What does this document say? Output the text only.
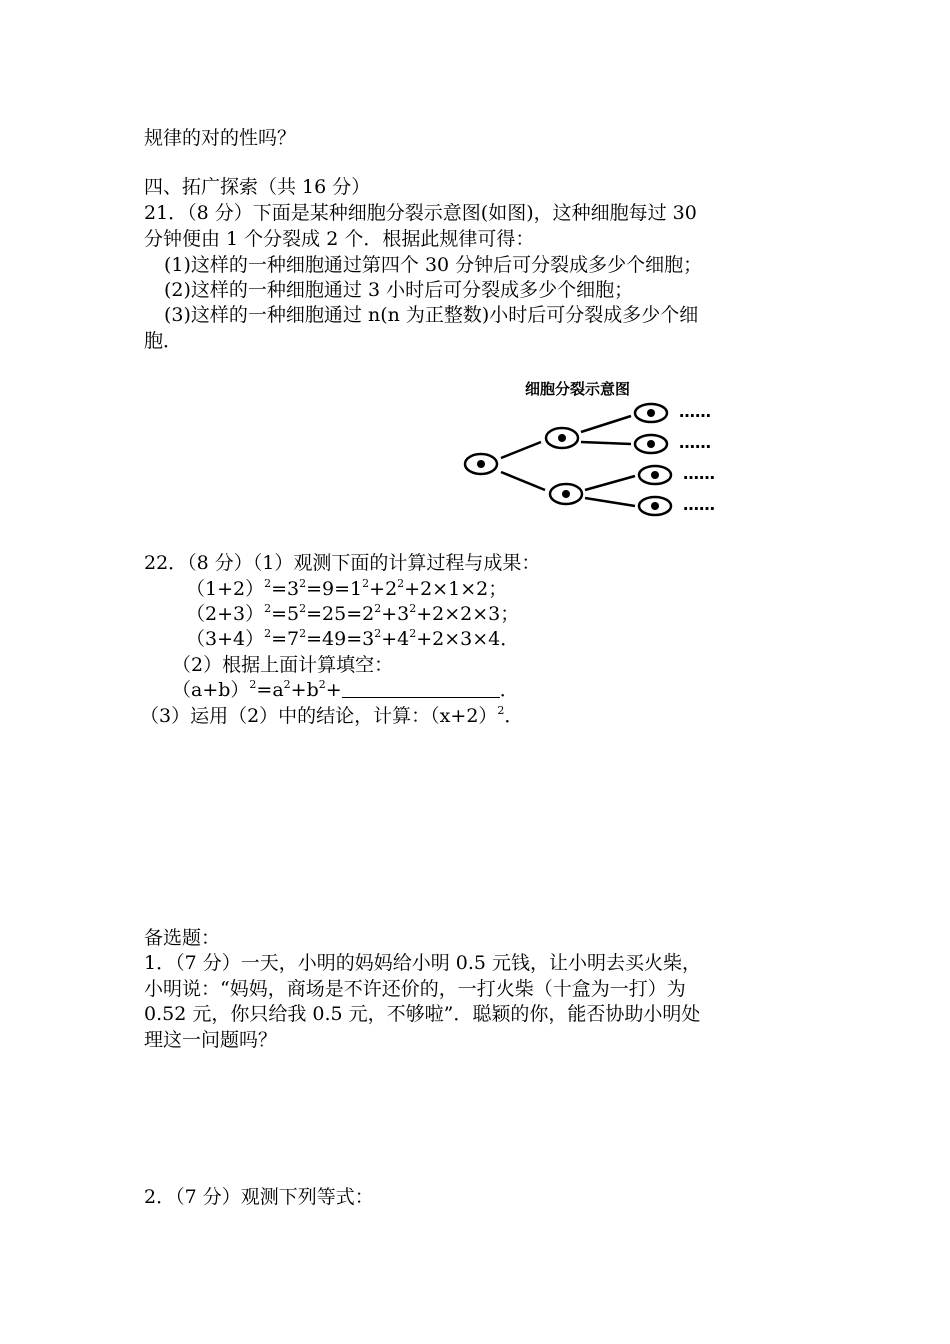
规律的对的性吗？
四、拓广探索（共 16 分）
21．（8 分）下面是某种细胞分裂示意图(如图)，这种细胞每过 30
分钟便由 1 个分裂成 2 个．根据此规律可得：
(1)这样的一种细胞通过第四个 30 分钟后可分裂成多少个细胞；
(2)这样的一种细胞通过 3 小时后可分裂成多少个细胞；
(3)这样的一种细胞通过 n(n 为正整数)小时后可分裂成多少个细
胞．
细胞分裂示意图
……
……
……
……
22．（8 分）（1）观测下面的计算过程与成果：
$(1+2)^2=3^2=9=1^2+2^2+2\times 1\times 2$；
$(2+3)^2=5^2=25=2^2+3^2+2\times 2\times 3$；
$(3+4)^2=7^2=49=3^2+4^2+2\times 3\times 4$．
（2）根据上面计算填空：
$(a+b)^2=a^2+b^2+$	．
（3）运用（2）中的结论，计算：$(x+2)^2$．
备选题：
1．（7 分）一天，小明的妈妈给小明 0.5 元钱，让小明去买火柴，
小明说：“妈妈，商场是不许还价的，一打火柴（十盒为一打）为
0.52 元，你只给我 0.5 元，不够啦”．聪颖的你，能否协助小明处
理这一问题吗？
2．（7 分）观测下列等式：
